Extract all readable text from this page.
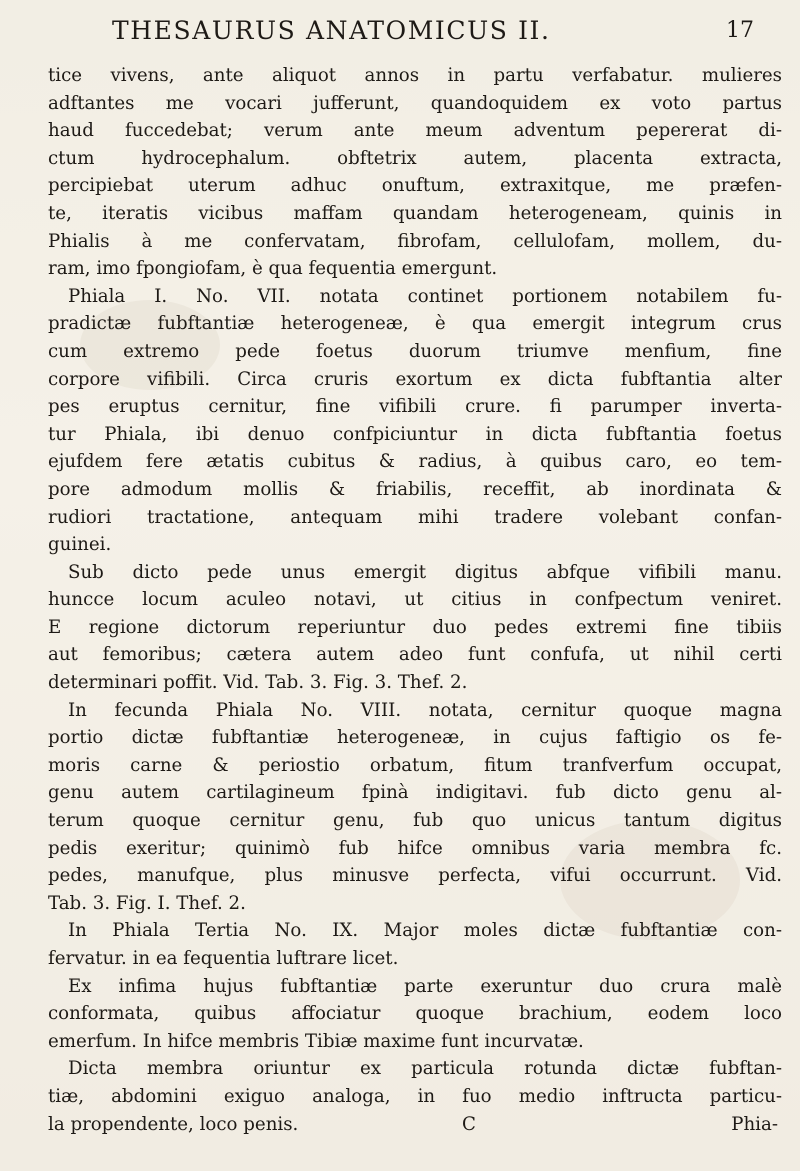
THESAURUS ANATOMICUS II.	17
tice vivens, ante aliquot annos in partu verfabatur. mulieres
adftantes me vocari jufferunt, quandoquidem ex voto partus
haud fuccedebat; verum ante meum adventum pepererat di-
ctum hydrocephalum. obftetrix autem, placenta extracta,
percipiebat uterum adhuc onuftum, extraxitque, me præfen-
te, iteratis vicibus maffam quandam heterogeneam, quinis in
Phialis à me confervatam, fibrofam, cellulofam, mollem, du-
ram, imo fpongiofam, è qua fequentia emergunt.
Phiala I. No. VII. notata continet portionem notabilem fu-
pradictæ fubftantiæ heterogeneæ, è qua emergit integrum crus
cum extremo pede foetus duorum triumve menfium, fine
corpore vifibili. Circa cruris exortum ex dicta fubftantia alter
pes eruptus cernitur, fine vifibili crure. fi parumper inverta-
tur Phiala, ibi denuo confpiciuntur in dicta fubftantia foetus
ejufdem fere ætatis cubitus & radius, à quibus caro, eo tem-
pore admodum mollis & friabilis, receffit, ab inordinata &
rudiori tractatione, antequam mihi tradere volebant confan-
guinei.
Sub dicto pede unus emergit digitus abfque vifibili manu.
huncce locum aculeo notavi, ut citius in confpectum veniret.
E regione dictorum reperiuntur duo pedes extremi fine tibiis
aut femoribus; cætera autem adeo funt confufa, ut nihil certi
determinari poffit. Vid. Tab. 3. Fig. 3. Thef. 2.
In fecunda Phiala No. VIII. notata, cernitur quoque magna
portio dictæ fubftantiæ heterogeneæ, in cujus faftigio os fe-
moris carne & periostio orbatum, fitum tranfverfum occupat,
genu autem cartilagineum fpinà indigitavi. fub dicto genu al-
terum quoque cernitur genu, fub quo unicus tantum digitus
pedis exeritur; quinimò fub hifce omnibus varia membra fc.
pedes, manufque, plus minusve perfecta, vifui occurrunt. Vid.
Tab. 3. Fig. I. Thef. 2.
In Phiala Tertia No. IX. Major moles dictæ fubftantiæ con-
fervatur. in ea fequentia luftrare licet.
Ex infima hujus fubftantiæ parte exeruntur duo crura malè
conformata, quibus affociatur quoque brachium, eodem loco
emerfum. In hifce membris Tibiæ maxime funt incurvatæ.
Dicta membra oriuntur ex particula rotunda dictæ fubftan-
tiæ, abdomini exiguo analoga, in fuo medio inftructa particu-
la propendente, loco penis.	C	Phia-
